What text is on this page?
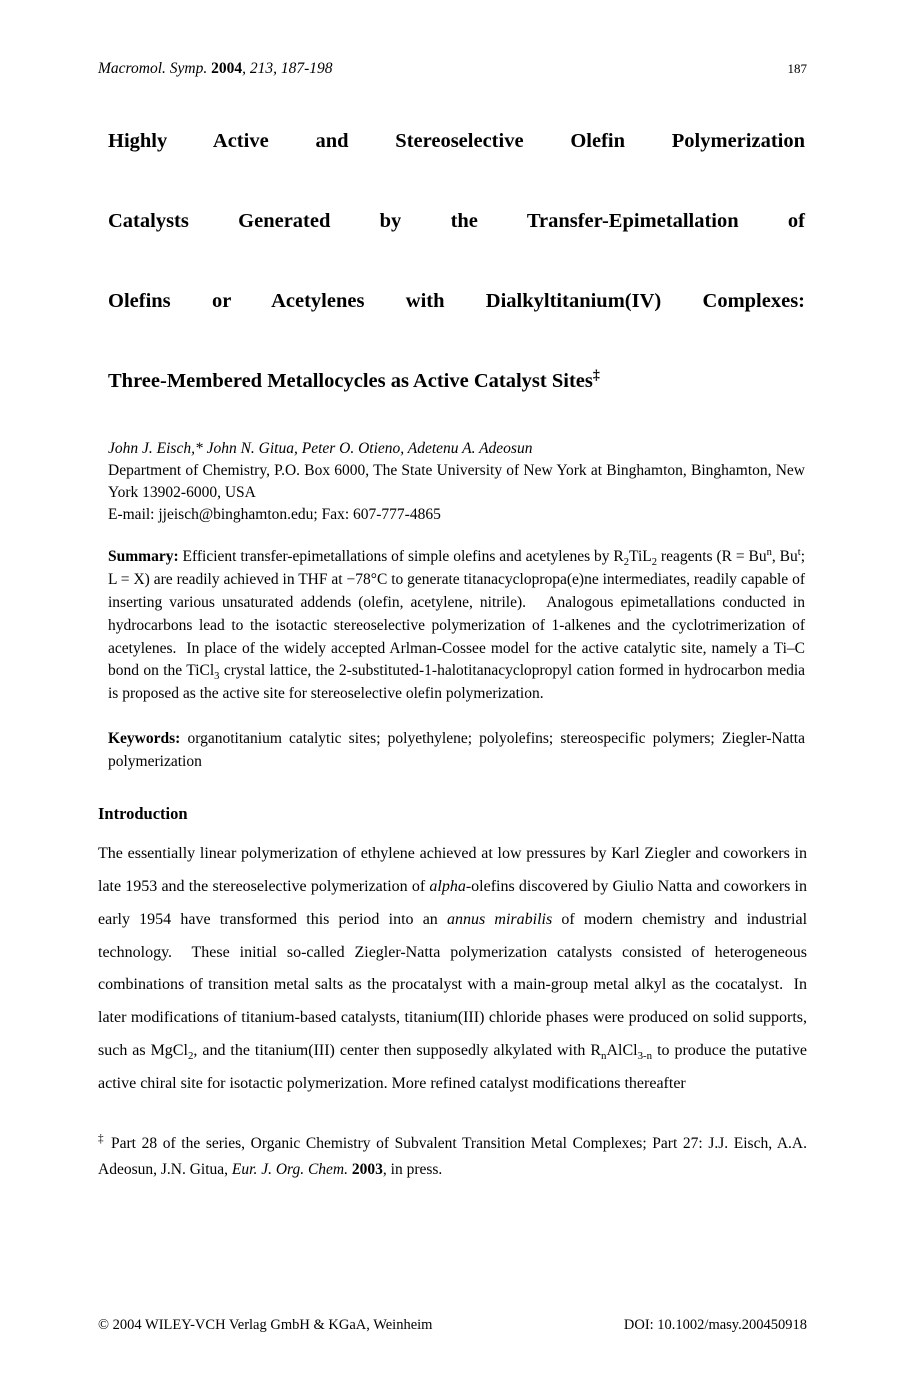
Macromol. Symp. 2004, 213, 187-198	187
Highly Active and Stereoselective Olefin Polymerization
Catalysts Generated by the Transfer-Epimetallation of
Olefins or Acetylenes with Dialkyltitanium(IV) Complexes:
Three-Membered Metallocycles as Active Catalyst Sites‡
John J. Eisch,* John N. Gitua, Peter O. Otieno, Adetenu A. Adeosun
Department of Chemistry, P.O. Box 6000, The State University of New York at Binghamton, Binghamton, New York 13902-6000, USA
E-mail: jjeisch@binghamton.edu; Fax: 607-777-4865
Summary: Efficient transfer-epimetallations of simple olefins and acetylenes by $R_2TiL_2$ reagents ($R = Bu^n$, Bu$^t$; L = X) are readily achieved in THF at −78°C to generate titanacyclopropa(e)ne intermediates, readily capable of inserting various unsaturated addends (olefin, acetylene, nitrile).   Analogous epimetallations conducted in hydrocarbons lead to the isotactic stereoselective polymerization of 1-alkenes and the cyclotrimerization of acetylenes.  In place of the widely accepted Arlman-Cossee model for the active catalytic site, namely a Ti–C bond on the TiCl$_3$ crystal lattice, the 2-substituted-1-halotitanacyclopropyl cation formed in hydrocarbon media is proposed as the active site for stereoselective olefin polymerization.
Keywords: organotitanium catalytic sites; polyethylene; polyolefins; stereospecific polymers; Ziegler-Natta polymerization
Introduction

The essentially linear polymerization of ethylene achieved at low pressures by Karl Ziegler and coworkers in late 1953 and the stereoselective polymerization of alpha-olefins discovered by Giulio Natta and coworkers in early 1954 have transformed this period into an annus mirabilis of modern chemistry and industrial technology.  These initial so-called Ziegler-Natta polymerization catalysts consisted of heterogeneous combinations of transition metal salts as the procatalyst with a main-group metal alkyl as the cocatalyst.  In later modifications of titanium-based catalysts, titanium(III) chloride phases were produced on solid supports, such as MgCl$_2$, and the titanium(III) center then supposedly alkylated with $R_nAlCl_{3-n}$ to produce the putative active chiral site for isotactic polymerization. More refined catalyst modifications thereafter

‡ Part 28 of the series, Organic Chemistry of Subvalent Transition Metal Complexes; Part 27: J.J. Eisch, A.A. Adeosun, J.N. Gitua, Eur. J. Org. Chem. 2003, in press.
© 2004 WILEY-VCH Verlag GmbH & KGaA, Weinheim	DOI: 10.1002/masy.200450918
